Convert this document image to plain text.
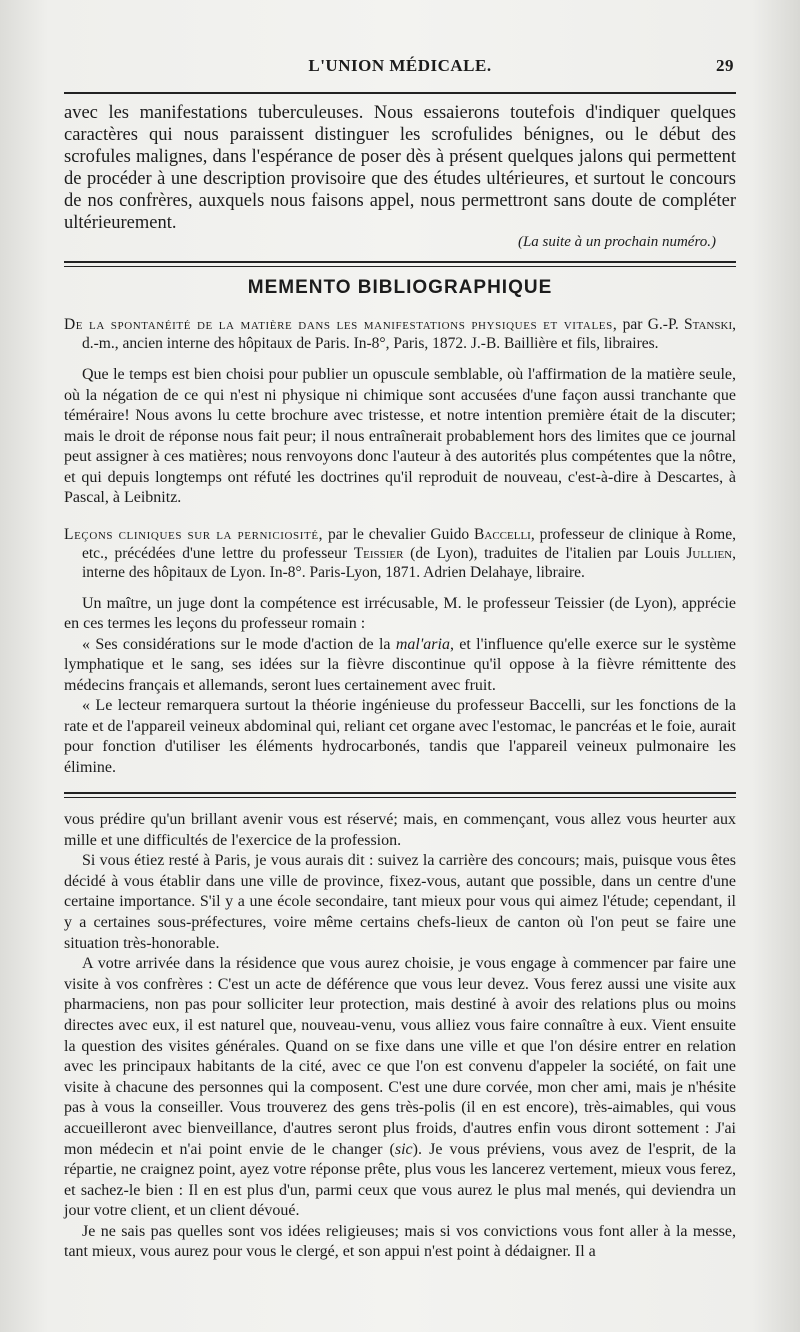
L'UNION MÉDICALE.	29

avec les manifestations tuberculeuses. Nous essaierons toutefois d'indiquer quelques caractères qui nous paraissent distinguer les scrofulides bénignes, ou le début des scrofules malignes, dans l'espérance de poser dès à présent quelques jalons qui permettent de procéder à une description provisoire que des études ultérieures, et surtout le concours de nos confrères, auxquels nous faisons appel, nous permettront sans doute de compléter ultérieurement.

(La suite à un prochain numéro.)

MEMENTO BIBLIOGRAPHIQUE

De la spontanéité de la matière dans les manifestations physiques et vitales, par G.-P. Stanski, d.-m., ancien interne des hôpitaux de Paris. In-8°, Paris, 1872. J.-B. Baillière et fils, libraires.

Que le temps est bien choisi pour publier un opuscule semblable, où l'affirmation de la matière seule, où la négation de ce qui n'est ni physique ni chimique sont accusées d'une façon aussi tranchante que téméraire! Nous avons lu cette brochure avec tristesse, et notre intention première était de la discuter; mais le droit de réponse nous fait peur; il nous entraînerait probablement hors des limites que ce journal peut assigner à ces matières; nous renvoyons donc l'auteur à des autorités plus compétentes que la nôtre, et qui depuis longtemps ont réfuté les doctrines qu'il reproduit de nouveau, c'est-à-dire à Descartes, à Pascal, à Leibnitz.

Leçons cliniques sur la perniciosité, par le chevalier Guido Baccelli, professeur de clinique à Rome, etc., précédées d'une lettre du professeur Teissier (de Lyon), traduites de l'italien par Louis Jullien, interne des hôpitaux de Lyon. In-8°. Paris-Lyon, 1871. Adrien Delahaye, libraire.

Un maître, un juge dont la compétence est irrécusable, M. le professeur Teissier (de Lyon), apprécie en ces termes les leçons du professeur romain :

« Ses considérations sur le mode d'action de la mal'aria, et l'influence qu'elle exerce sur le système lymphatique et le sang, ses idées sur la fièvre discontinue qu'il oppose à la fièvre rémittente des médecins français et allemands, seront lues certainement avec fruit.

« Le lecteur remarquera surtout la théorie ingénieuse du professeur Baccelli, sur les fonctions de la rate et de l'appareil veineux abdominal qui, reliant cet organe avec l'estomac, le pancréas et le foie, aurait pour fonction d'utiliser les éléments hydrocarbonés, tandis que l'appareil veineux pulmonaire les élimine.

vous prédire qu'un brillant avenir vous est réservé; mais, en commençant, vous allez vous heurter aux mille et une difficultés de l'exercice de la profession.

Si vous étiez resté à Paris, je vous aurais dit : suivez la carrière des concours; mais, puisque vous êtes décidé à vous établir dans une ville de province, fixez-vous, autant que possible, dans un centre d'une certaine importance. S'il y a une école secondaire, tant mieux pour vous qui aimez l'étude; cependant, il y a certaines sous-préfectures, voire même certains chefs-lieux de canton où l'on peut se faire une situation très-honorable.

A votre arrivée dans la résidence que vous aurez choisie, je vous engage à commencer par faire une visite à vos confrères : C'est un acte de déférence que vous leur devez. Vous ferez aussi une visite aux pharmaciens, non pas pour solliciter leur protection, mais destiné à avoir des relations plus ou moins directes avec eux, il est naturel que, nouveau-venu, vous alliez vous faire connaître à eux. Vient ensuite la question des visites générales. Quand on se fixe dans une ville et que l'on désire entrer en relation avec les principaux habitants de la cité, avec ce que l'on est convenu d'appeler la société, on fait une visite à chacune des personnes qui la composent. C'est une dure corvée, mon cher ami, mais je n'hésite pas à vous la conseiller. Vous trouverez des gens très-polis (il en est encore), très-aimables, qui vous accueilleront avec bienveillance, d'autres seront plus froids, d'autres enfin vous diront sottement : J'ai mon médecin et n'ai point envie de le changer (sic). Je vous préviens, vous avez de l'esprit, de la répartie, ne craignez point, ayez votre réponse prête, plus vous les lancerez vertement, mieux vous ferez, et sachez-le bien : Il en est plus d'un, parmi ceux que vous aurez le plus mal menés, qui deviendra un jour votre client, et un client dévoué.

Je ne sais pas quelles sont vos idées religieuses; mais si vos convictions vous font aller à la messe, tant mieux, vous aurez pour vous le clergé, et son appui n'est point à dédaigner. Il a
